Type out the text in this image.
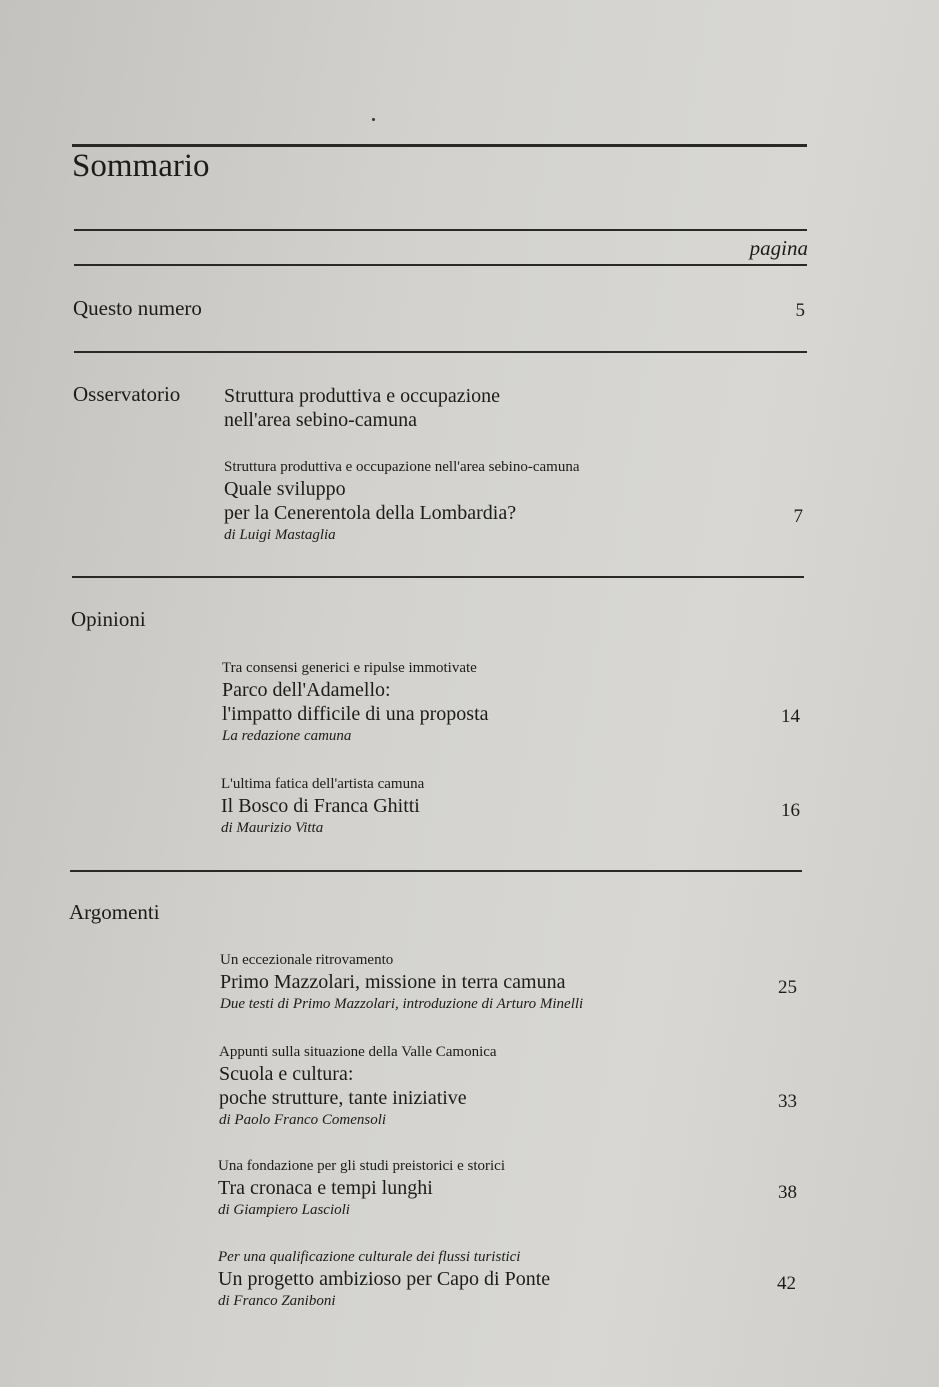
Sommario
pagina
Questo numero	5
Osservatorio Struttura produttiva e occupazione
nell'area sebino-camuna
Struttura produttiva e occupazione nell'area sebino-camuna
Quale sviluppo
per la Cenerentola della Lombardia?
di Luigi Mastaglia
7
Opinioni
Tra consensi generici e ripulse immotivate
Parco dell'Adamello:
l'impatto difficile di una proposta
La redazione camuna
14
L'ultima fatica dell'artista camuna
Il Bosco di Franca Ghitti
di Maurizio Vitta
16
Argomenti
Un eccezionale ritrovamento
Primo Mazzolari, missione in terra camuna
Due testi di Primo Mazzolari, introduzione di Arturo Minelli
25
Appunti sulla situazione della Valle Camonica
Scuola e cultura:
poche strutture, tante iniziative
di Paolo Franco Comensoli
33
Una fondazione per gli studi preistorici e storici
Tra cronaca e tempi lunghi
di Giampiero Lascioli
38
Per una qualificazione culturale dei flussi turistici
Un progetto ambizioso per Capo di Ponte
di Franco Zaniboni
42
